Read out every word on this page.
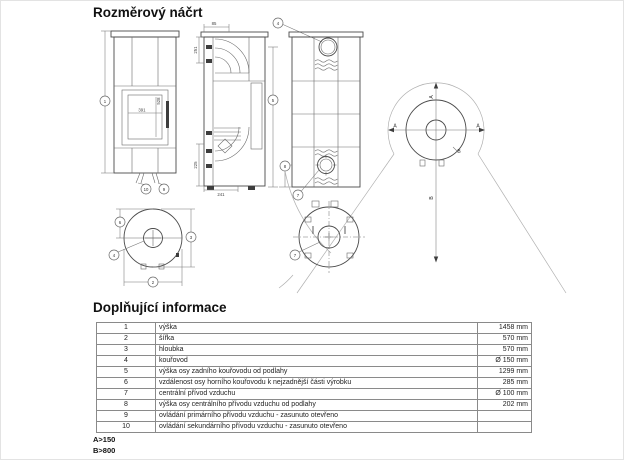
Rozměrový náčrt
391
528
1
10	9
85
251
225
241
4
5
8
7
A	A
A
B
B
6
4
3
2
7
Doplňující informace
1	výška	1458 mm
2	šířka	570 mm
3	hloubka	570 mm
4	kouřovod	Ø 150 mm
5	výška osy zadního kouřovodu od podlahy	1299 mm
6	vzdálenost osy horního kouřovodu k nejzadnější části výrobku	285 mm
7	centrální přívod vzduchu	Ø 100 mm
8	výška osy centrálního přívodu vzduchu od podlahy	202 mm
9	ovládání primárního přívodu vzduchu - zasunuto otevřeno	
10	ovládání sekundárního přívodu vzduchu - zasunuto otevřeno	
A>150
B>800
